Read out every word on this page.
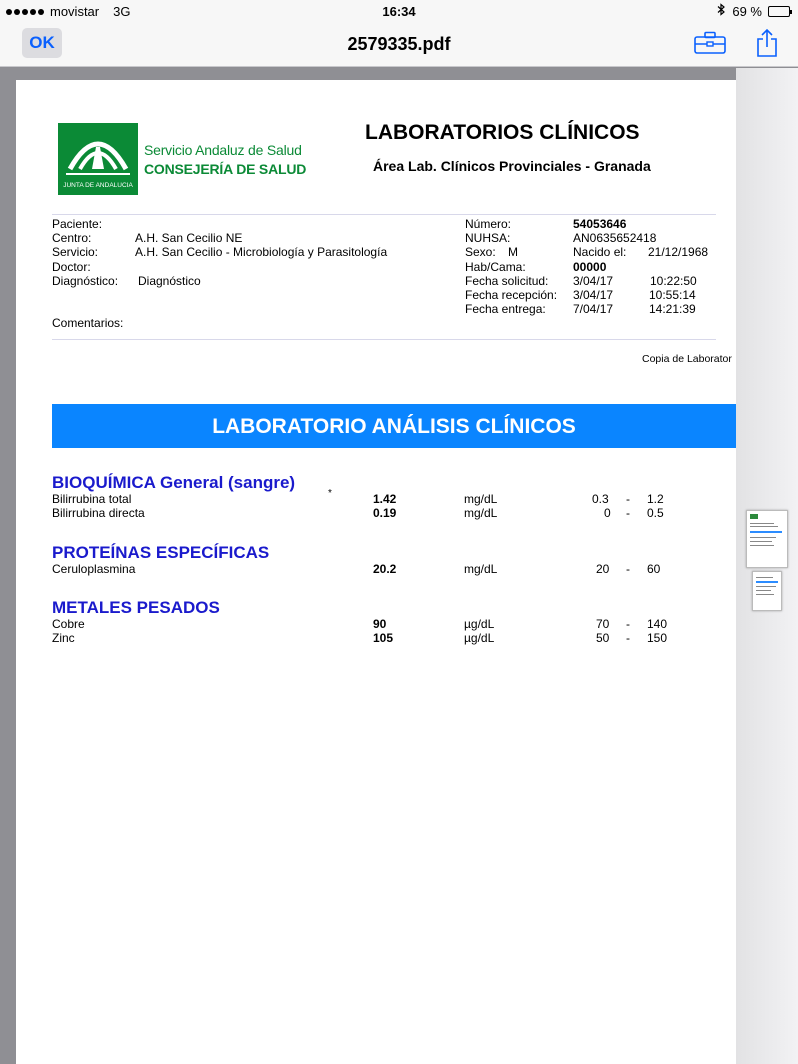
movistar 3G	16:34	69 %
OK	2579335.pdf
JUNTA DE ANDALUCIA
Servicio Andaluz de Salud
CONSEJERÍA DE SALUD
LABORATORIOS CLÍNICOS
Área Lab. Clínicos Provinciales - Granada
Paciente:
Centro:	A.H. San Cecilio NE
Servicio:	A.H. San Cecilio - Microbiología y Parasitología
Doctor:
Diagnóstico: Diagnóstico
Comentarios:
Número:	54053646
NUHSA:	AN0635652418
Sexo: M	Nacido el: 21/12/1968
Hab/Cama:	00000
Fecha solicitud: 3/04/17	10:22:50
Fecha recepción: 3/04/17	10:55:14
Fecha entrega: 7/04/17	14:21:39
Copia de Laborator
LABORATORIO ANÁLISIS CLÍNICOS
BIOQUÍMICA General (sangre)
Bilirrubina total	*	1.42	mg/dL	0.3 - 1.2
Bilirrubina directa	0.19	mg/dL	0 - 0.5
PROTEÍNAS ESPECÍFICAS
Ceruloplasmina	20.2	mg/dL	20 - 60
METALES PESADOS
Cobre	90	µg/dL	70 - 140
Zinc	105	µg/dL	50 - 150
